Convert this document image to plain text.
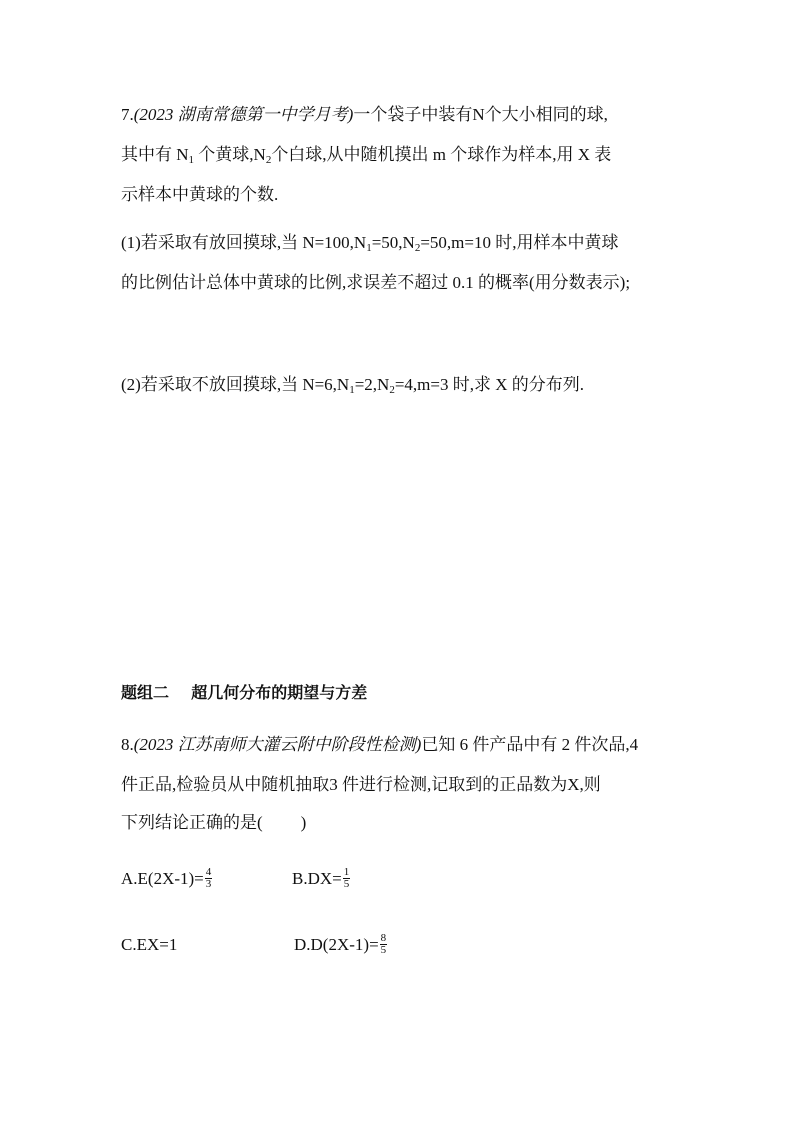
7.(2023 湖南常德第一中学月考)一个袋子中装有N个大小相同的球,
其中有 $N_1$ 个黄球$,N_2$个白球,从中随机摸出 m 个球作为样本,用 X 表
示样本中黄球的个数.
(1)若采取有放回摸球,当 $N=100,N_1=50,N_2=50,m=10$ 时,用样本中黄球
的比例估计总体中黄球的比例,求误差不超过 0.1 的概率(用分数表示);
(2)若采取不放回摸球,当 $N=6,N_1=2,N_2=4,m=3$ 时,求 X 的分布列.
题组二    超几何分布的期望与方差
8.(2023 江苏南师大灌云附中阶段性检测)已知 6 件产品中有 2 件次品,4
件正品,检验员从中随机抽取3 件进行检测,记取到的正品数为X,则
下列结论正确的是( )
$A.E(2X-1)= \frac{4}{3}$	$B.DX= \frac{1}{5}$
C.EX=1	$D.D(2X-1)= \frac{8}{5}$
